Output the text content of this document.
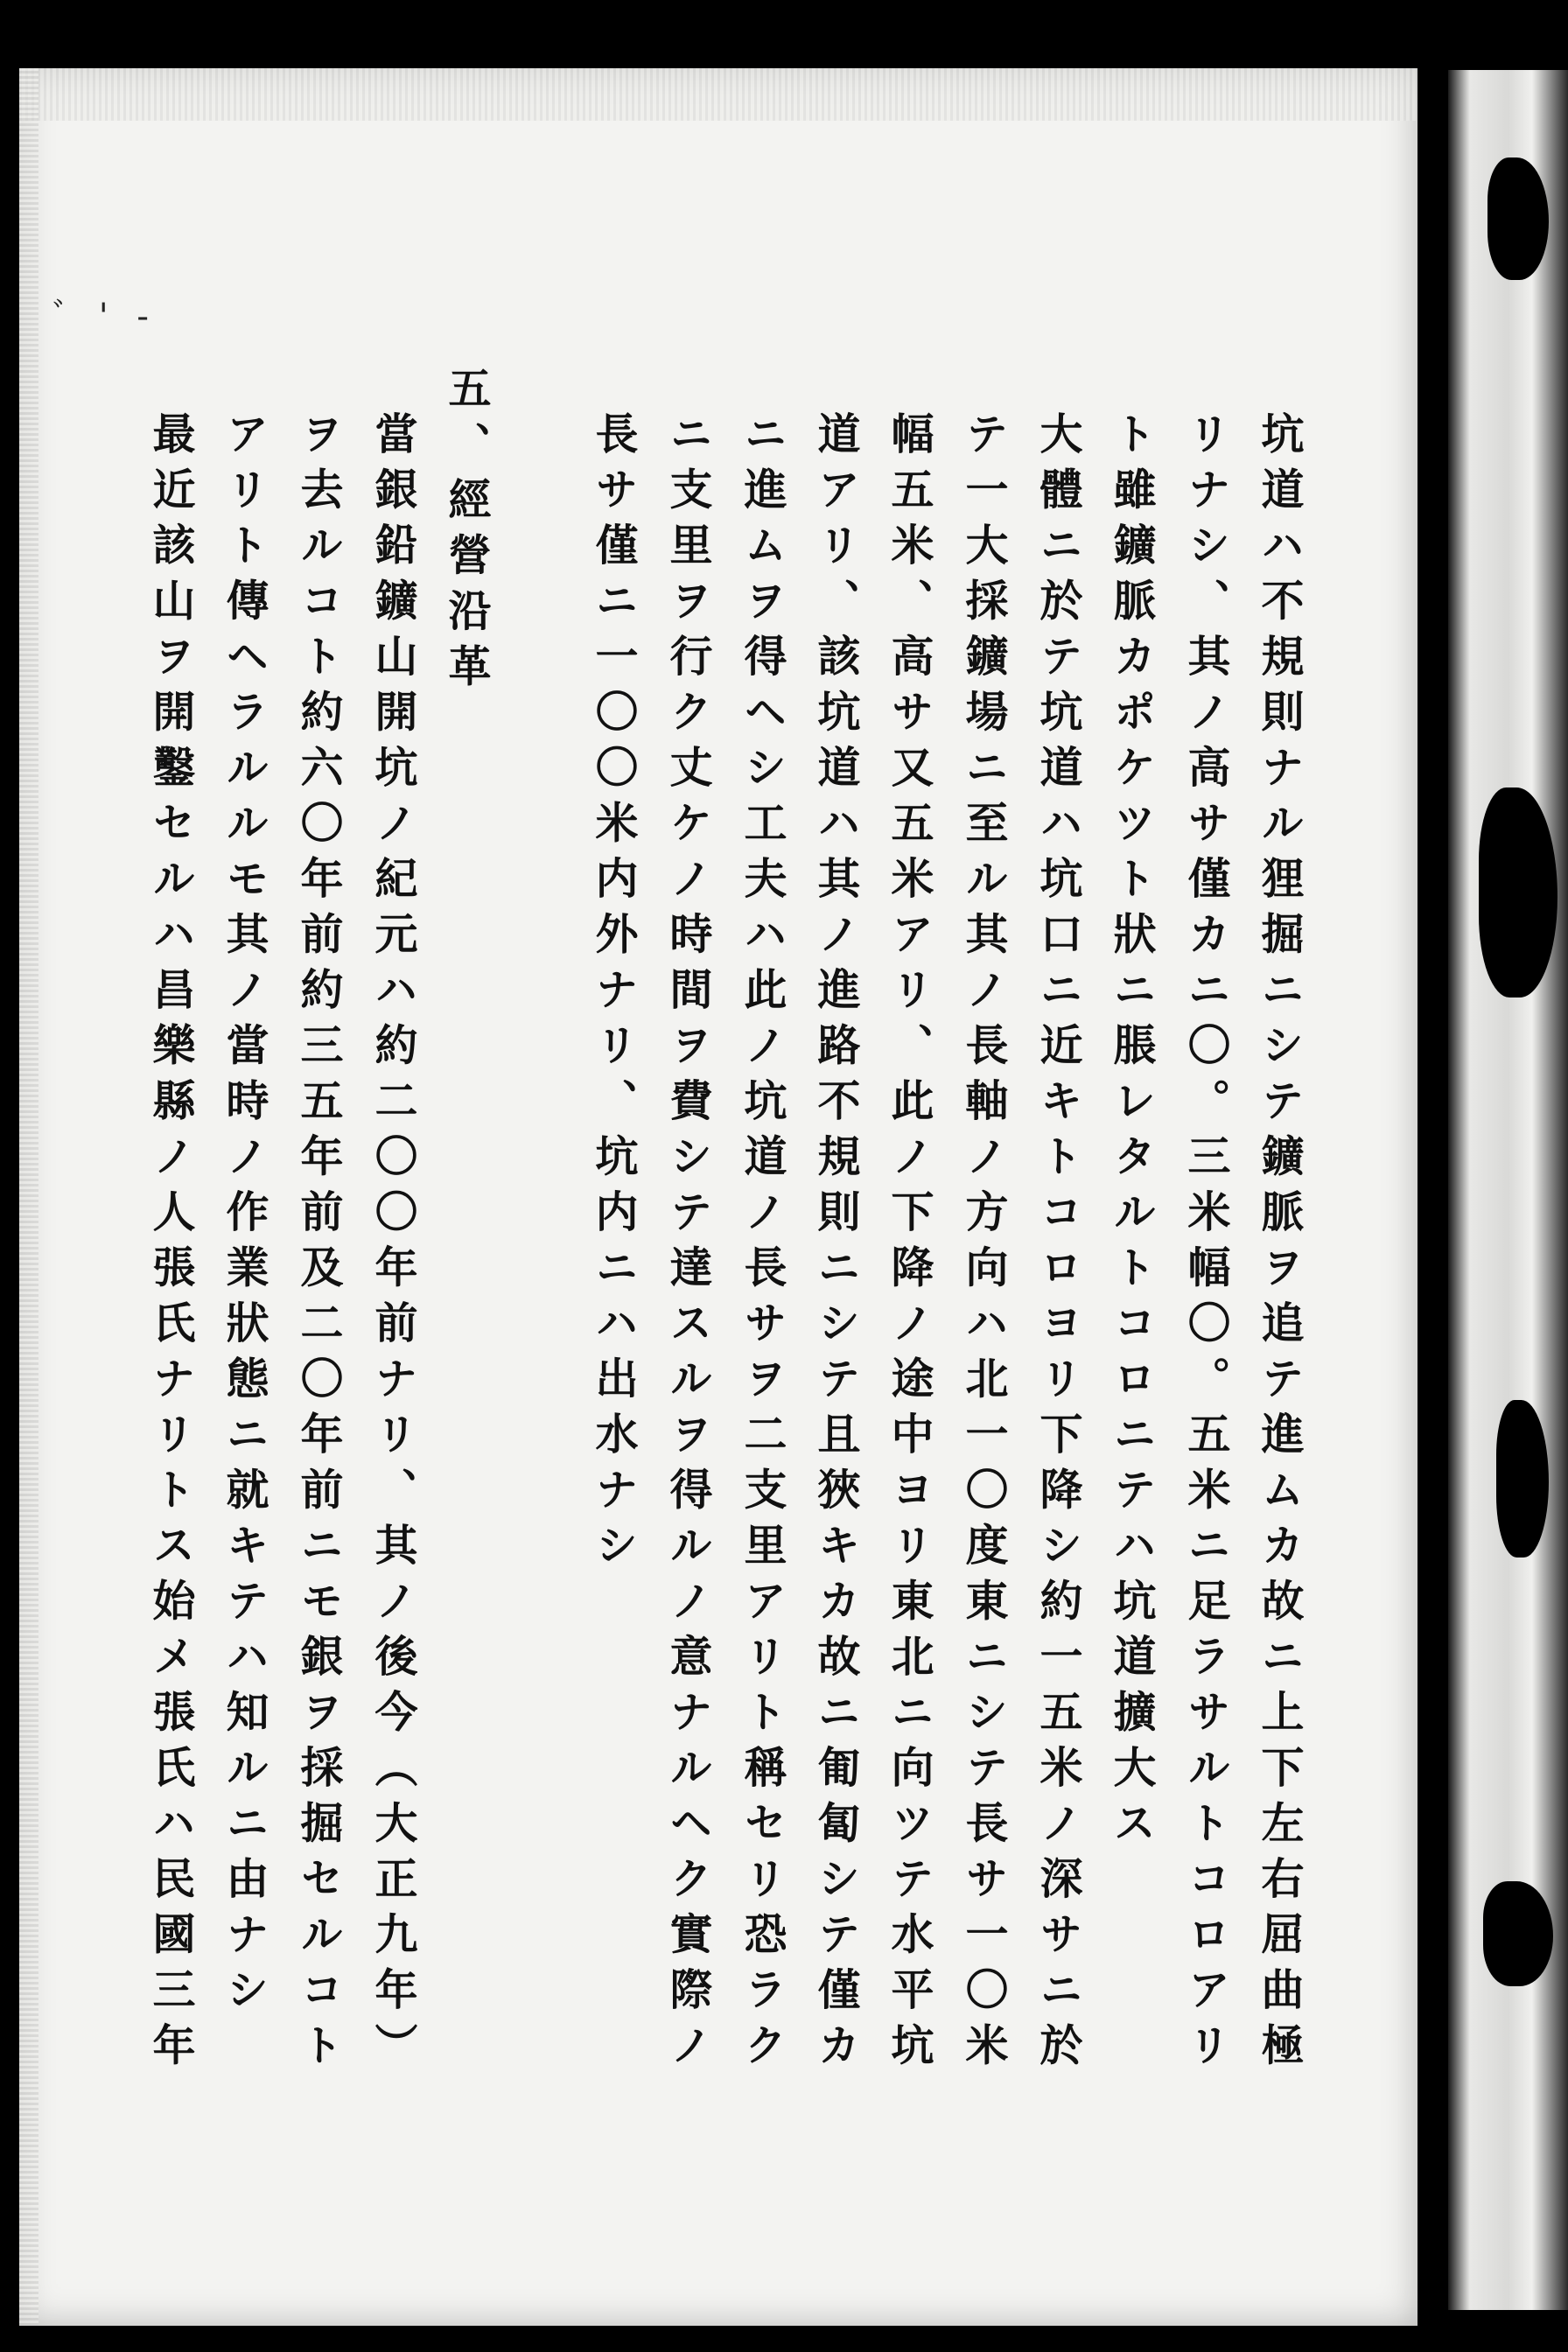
坑道ハ不規則ナル狸掘ニシテ鑛脈ヲ追テ進ムカ故ニ上下左右屈曲極
リナシ、其ノ高サ僅カニ〇。三米幅〇。五米ニ足ラサルトコロアリ
ト雖鑛脈カポケツト狀ニ脹レタルトコロニテハ坑道擴大ス
大體ニ於テ坑道ハ坑口ニ近キトコロヨリ下降シ約一五米ノ深サニ於
テ一大採鑛場ニ至ル其ノ長軸ノ方向ハ北一〇度東ニシテ長サ一〇米
幅五米、高サ又五米アリ、此ノ下降ノ途中ヨリ東北ニ向ツテ水平坑
道アリ、該坑道ハ其ノ進路不規則ニシテ且狹キカ故ニ匍匐シテ僅カ
ニ進ムヲ得ヘシ工夫ハ此ノ坑道ノ長サヲ二支里アリト稱セリ恐ラク
ニ支里ヲ行ク丈ケノ時間ヲ費シテ達スルヲ得ルノ意ナルヘク實際ノ
長サ僅ニ一〇〇米内外ナリ、坑内ニハ出水ナシ
五、經營沿革
當銀鉛鑛山開坑ノ紀元ハ約二〇〇年前ナリ、其ノ後今（大正九年）
ヲ去ルコト約六〇年前約三五年前及二〇年前ニモ銀ヲ採掘セルコト
アリト傳ヘラルルモ其ノ當時ノ作業狀態ニ就キテハ知ルニ由ナシ
最近該山ヲ開鑿セルハ昌樂縣ノ人張氏ナリトス始メ張氏ハ民國三年
